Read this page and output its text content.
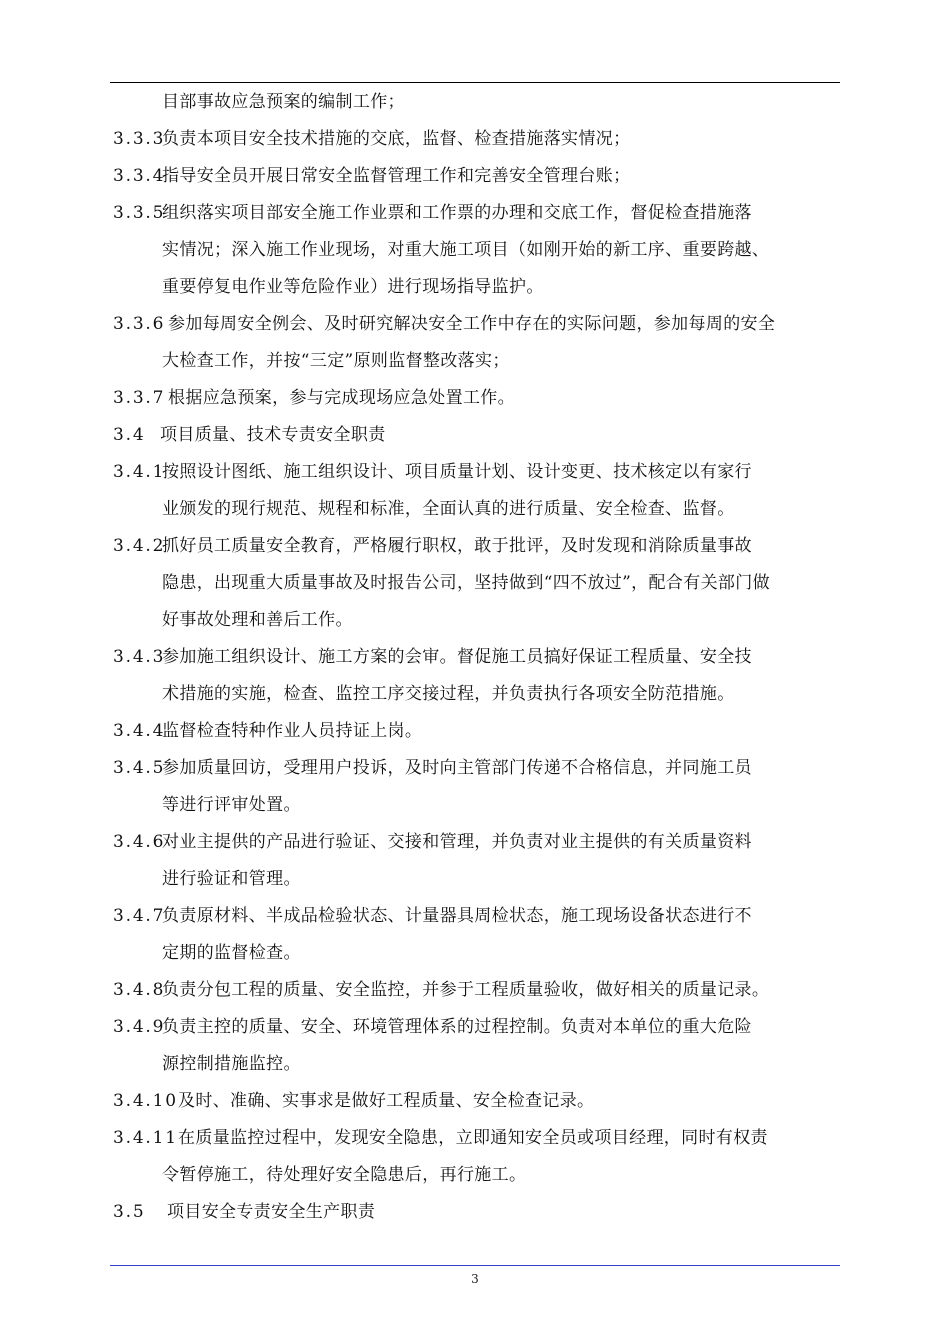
目部事故应急预案的编制工作；
3.3.3
负责本项目安全技术措施的交底，监督、检查措施落实情况；
3.3.4
指导安全员开展日常安全监督管理工作和完善安全管理台账；
3.3.5
组织落实项目部安全施工作业票和工作票的办理和交底工作，督促检查措施落
实情况；深入施工作业现场，对重大施工项目（如刚开始的新工序、重要跨越、
重要停复电作业等危险作业）进行现场指导监护。
3.3.6 参加每周安全例会、及时研究解决安全工作中存在的实际问题，参加每周的安全
大检查工作，并按“三定”原则监督整改落实；
3.3.7 根据应急预案，参与完成现场应急处置工作。
3.4 项目质量、技术专责安全职责
3.4.1
按照设计图纸、施工组织设计、项目质量计划、设计变更、技术核定以有家行
业颁发的现行规范、规程和标准，全面认真的进行质量、安全检查、监督。
3.4.2
抓好员工质量安全教育，严格履行职权，敢于批评，及时发现和消除质量事故
隐患，出现重大质量事故及时报告公司，坚持做到“四不放过”，配合有关部门做
好事故处理和善后工作。
3.4.3
参加施工组织设计、施工方案的会审。督促施工员搞好保证工程质量、安全技
术措施的实施，检查、监控工序交接过程，并负责执行各项安全防范措施。
3.4.4
监督检查特种作业人员持证上岗。
3.4.5
参加质量回访，受理用户投诉，及时向主管部门传递不合格信息，并同施工员
等进行评审处置。
3.4.6
对业主提供的产品进行验证、交接和管理，并负责对业主提供的有关质量资料
进行验证和管理。
3.4.7
负责原材料、半成品检验状态、计量器具周检状态，施工现场设备状态进行不
定期的监督检查。
3.4.8
负责分包工程的质量、安全监控，并参于工程质量验收，做好相关的质量记录。
3.4.9
负责主控的质量、安全、环境管理体系的过程控制。负责对本单位的重大危险
源控制措施监控。
3.4.10 及时、准确、实事求是做好工程质量、安全检查记录。
3.4.11 在质量监控过程中，发现安全隐患，立即通知安全员或项目经理，同时有权责
令暂停施工，待处理好安全隐患后，再行施工。
3.5 项目安全专责安全生产职责
3
